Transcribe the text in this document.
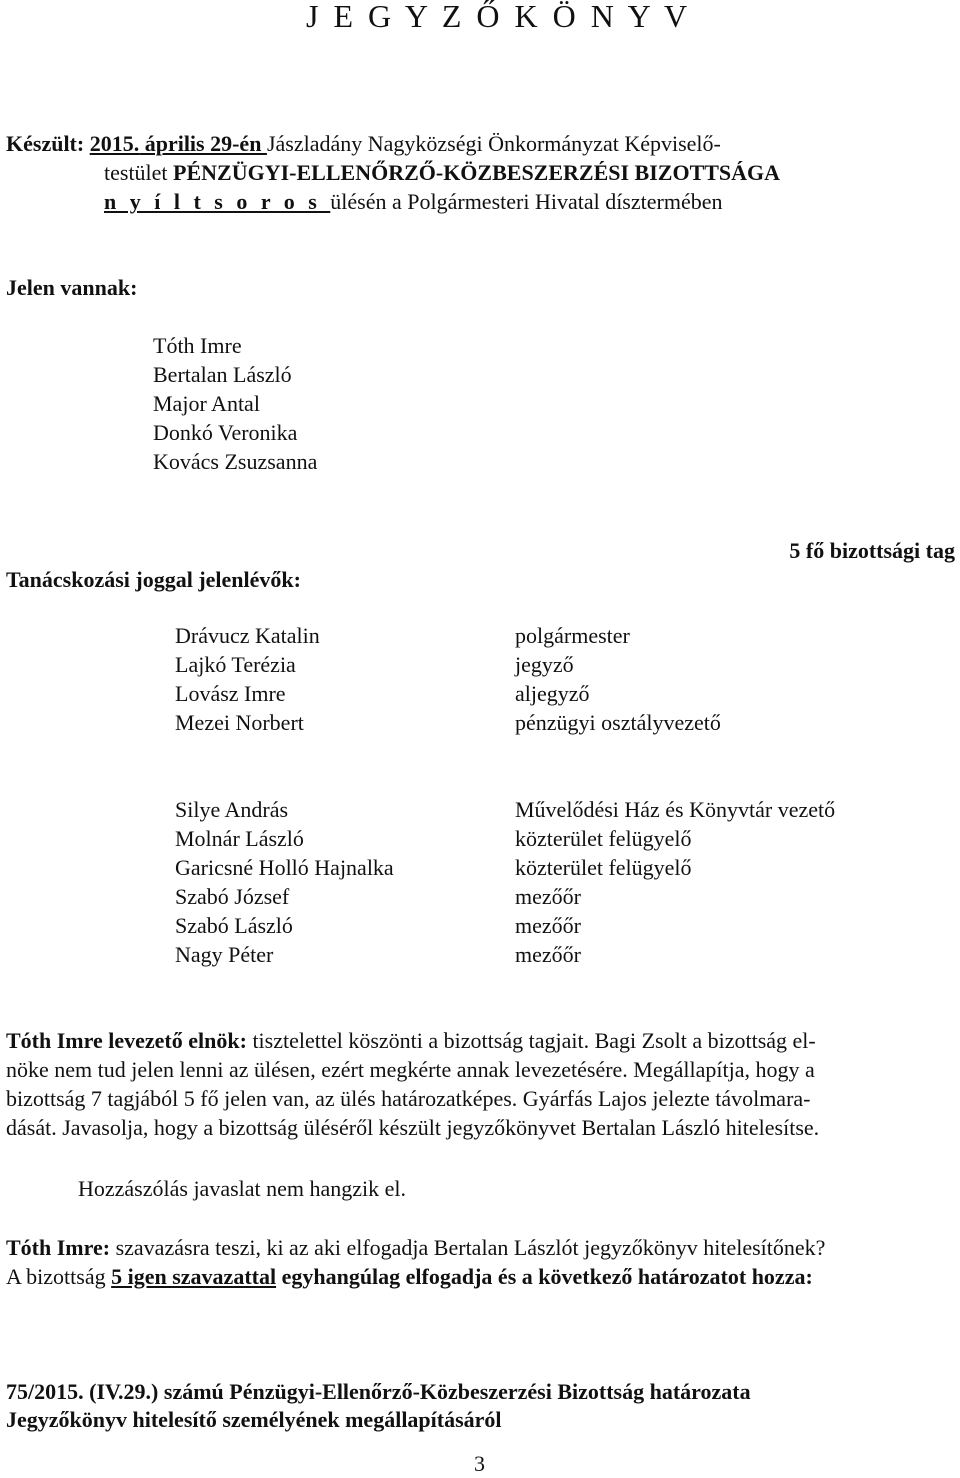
J E G Y Z Ő K Ö N Y V
Készült: 2015. április 29-én Jászladány Nagyközségi Önkormányzat Képviselő-
testület PÉNZÜGYI-ELLENŐRZŐ-KÖZBESZERZÉSI BIZOTTSÁGA
n y í l t s o r o s ülésén a Polgármesteri Hivatal dísztermében
Jelen vannak:
Tóth Imre
Bertalan László
Major Antal
Donkó Veronika
Kovács Zsuzsanna
5 fő bizottsági tag
Tanácskozási joggal jelenlévők:
Drávucz Katalin
Lajkó Terézia
Lovász Imre
Mezei Norbert
polgármester
jegyző
aljegyző
pénzügyi osztályvezető
Silye András
Molnár László
Garicsné Holló Hajnalka
Szabó József
Szabó László
Nagy Péter
Művelődési Ház és Könyvtár vezető
közterület felügyelő
közterület felügyelő
mezőőr
mezőőr
mezőőr
Tóth Imre levezető elnök: tisztelettel köszönti a bizottság tagjait. Bagi Zsolt a bizottság el-
nöke nem tud jelen lenni az ülésen, ezért megkérte annak levezetésére. Megállapítja, hogy a
bizottság 7 tagjából 5 fő jelen van, az ülés határozatképes. Gyárfás Lajos jelezte távolmara-
dását. Javasolja, hogy a bizottság üléséről készült jegyzőkönyvet Bertalan László hitelesítse.
Hozzászólás javaslat nem hangzik el.
Tóth Imre: szavazásra teszi, ki az aki elfogadja Bertalan Lászlót jegyzőkönyv hitelesítőnek?
A bizottság 5 igen szavazattal egyhangúlag elfogadja és a következő határozatot hozza:
75/2015. (IV.29.) számú Pénzügyi-Ellenőrző-Közbeszerzési Bizottság határozata
Jegyzőkönyv hitelesítő személyének megállapításáról
3
